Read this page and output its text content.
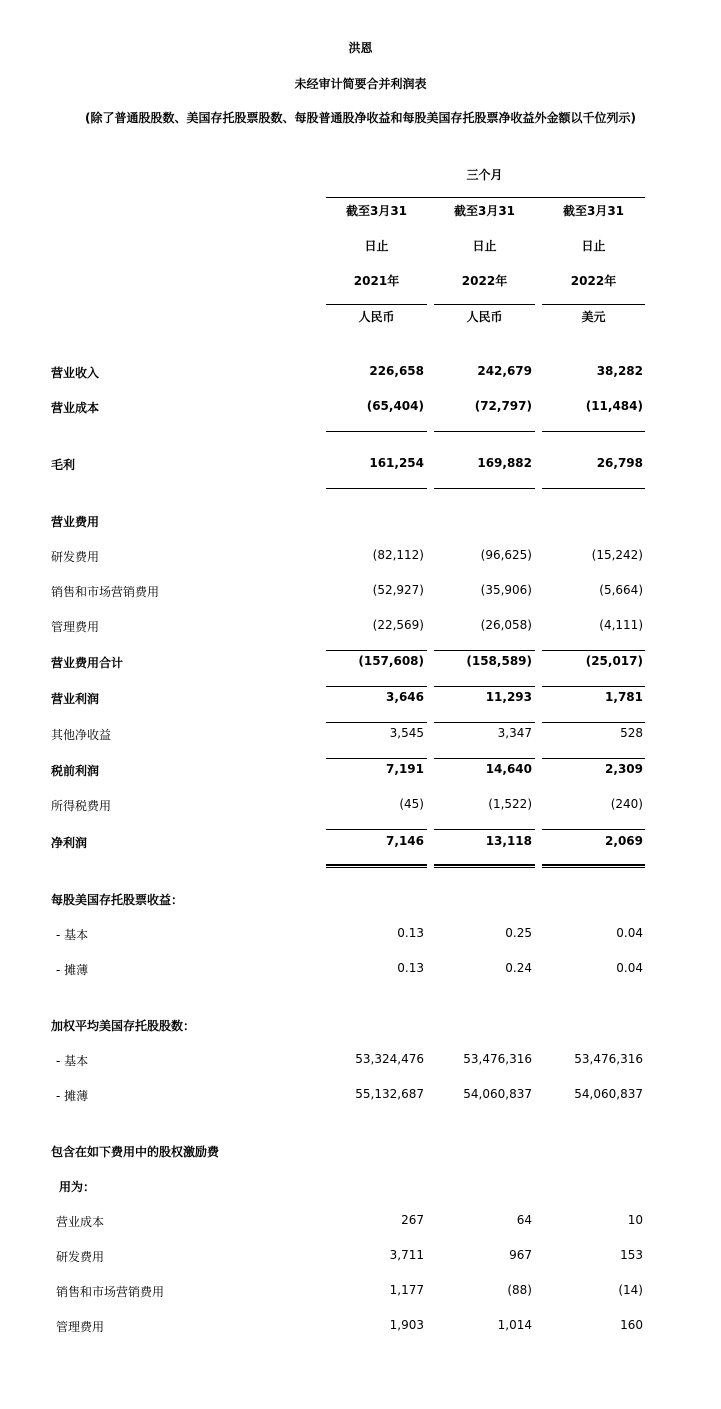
洪恩
未经审计简要合并利润表
(除了普通股股数、美国存托股票股数、每股普通股净收益和每股美国存托股票净收益外金额以千位列示)
三个月
截至3月31	截至3月31	截至3月31
日止	日止	日止
2021年	2022年	2022年
人民币	人民币	美元
营业收入	226,658	242,679	38,282
营业成本	(65,404)	(72,797)	(11,484)
毛利	161,254	169,882	26,798
营业费用
研发费用	(82,112)	(96,625)	(15,242)
销售和市场营销费用	(52,927)	(35,906)	(5,664)
管理费用	(22,569)	(26,058)	(4,111)
营业费用合计	(157,608)	(158,589)	(25,017)
营业利润	3,646	11,293	1,781
其他净收益	3,545	3,347	528
税前利润	7,191	14,640	2,309
所得税费用	(45)	(1,522)	(240)
净利润	7,146	13,118	2,069
每股美国存托股票收益：
- 基本	0.13	0.25	0.04
- 摊薄	0.13	0.24	0.04
加权平均美国存托股股数：
- 基本	53,324,476	53,476,316	53,476,316
- 摊薄	55,132,687	54,060,837	54,060,837
包含在如下费用中的股权激励费
用为：
营业成本	267	64	10
研发费用	3,711	967	153
销售和市场营销费用	1,177	(88)	(14)
管理费用	1,903	1,014	160
